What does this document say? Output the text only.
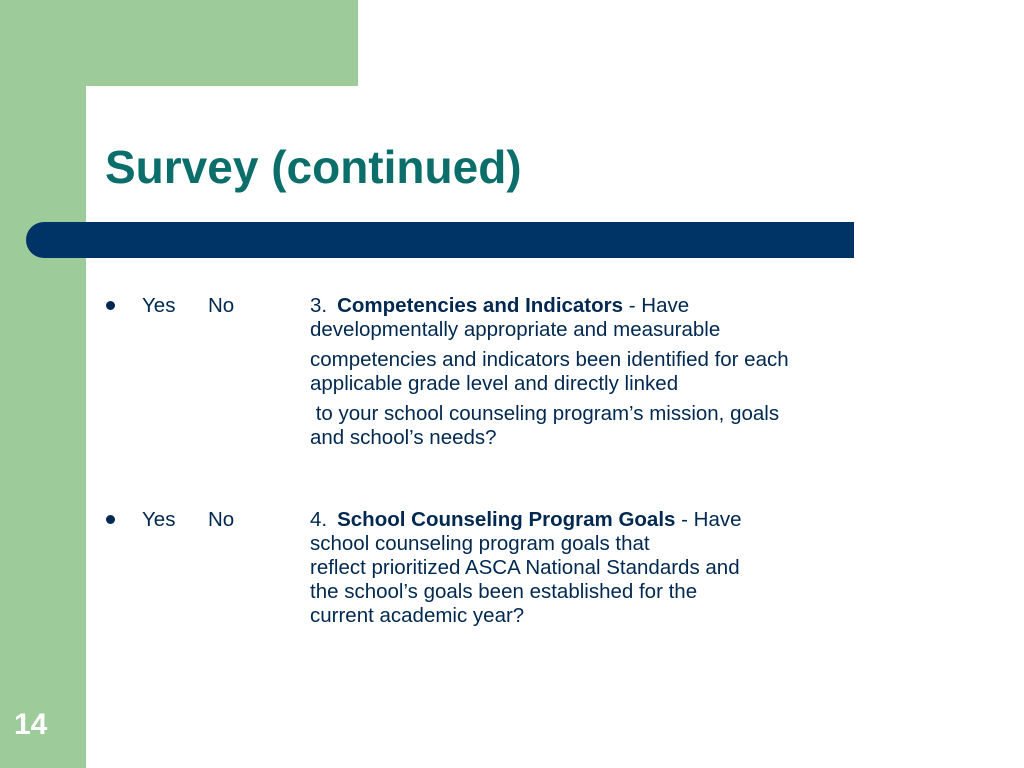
Survey (continued)
Yes No	3. Competencies and Indicators - Have
developmentally appropriate and measurable
competencies and indicators been identified for each
applicable grade level and directly linked
to your school counseling program’s mission, goals
and school’s needs?
Yes No	4. School Counseling Program Goals - Have
school counseling program goals that
reflect prioritized ASCA National Standards and
the school’s goals been established for the
current academic year?
14
